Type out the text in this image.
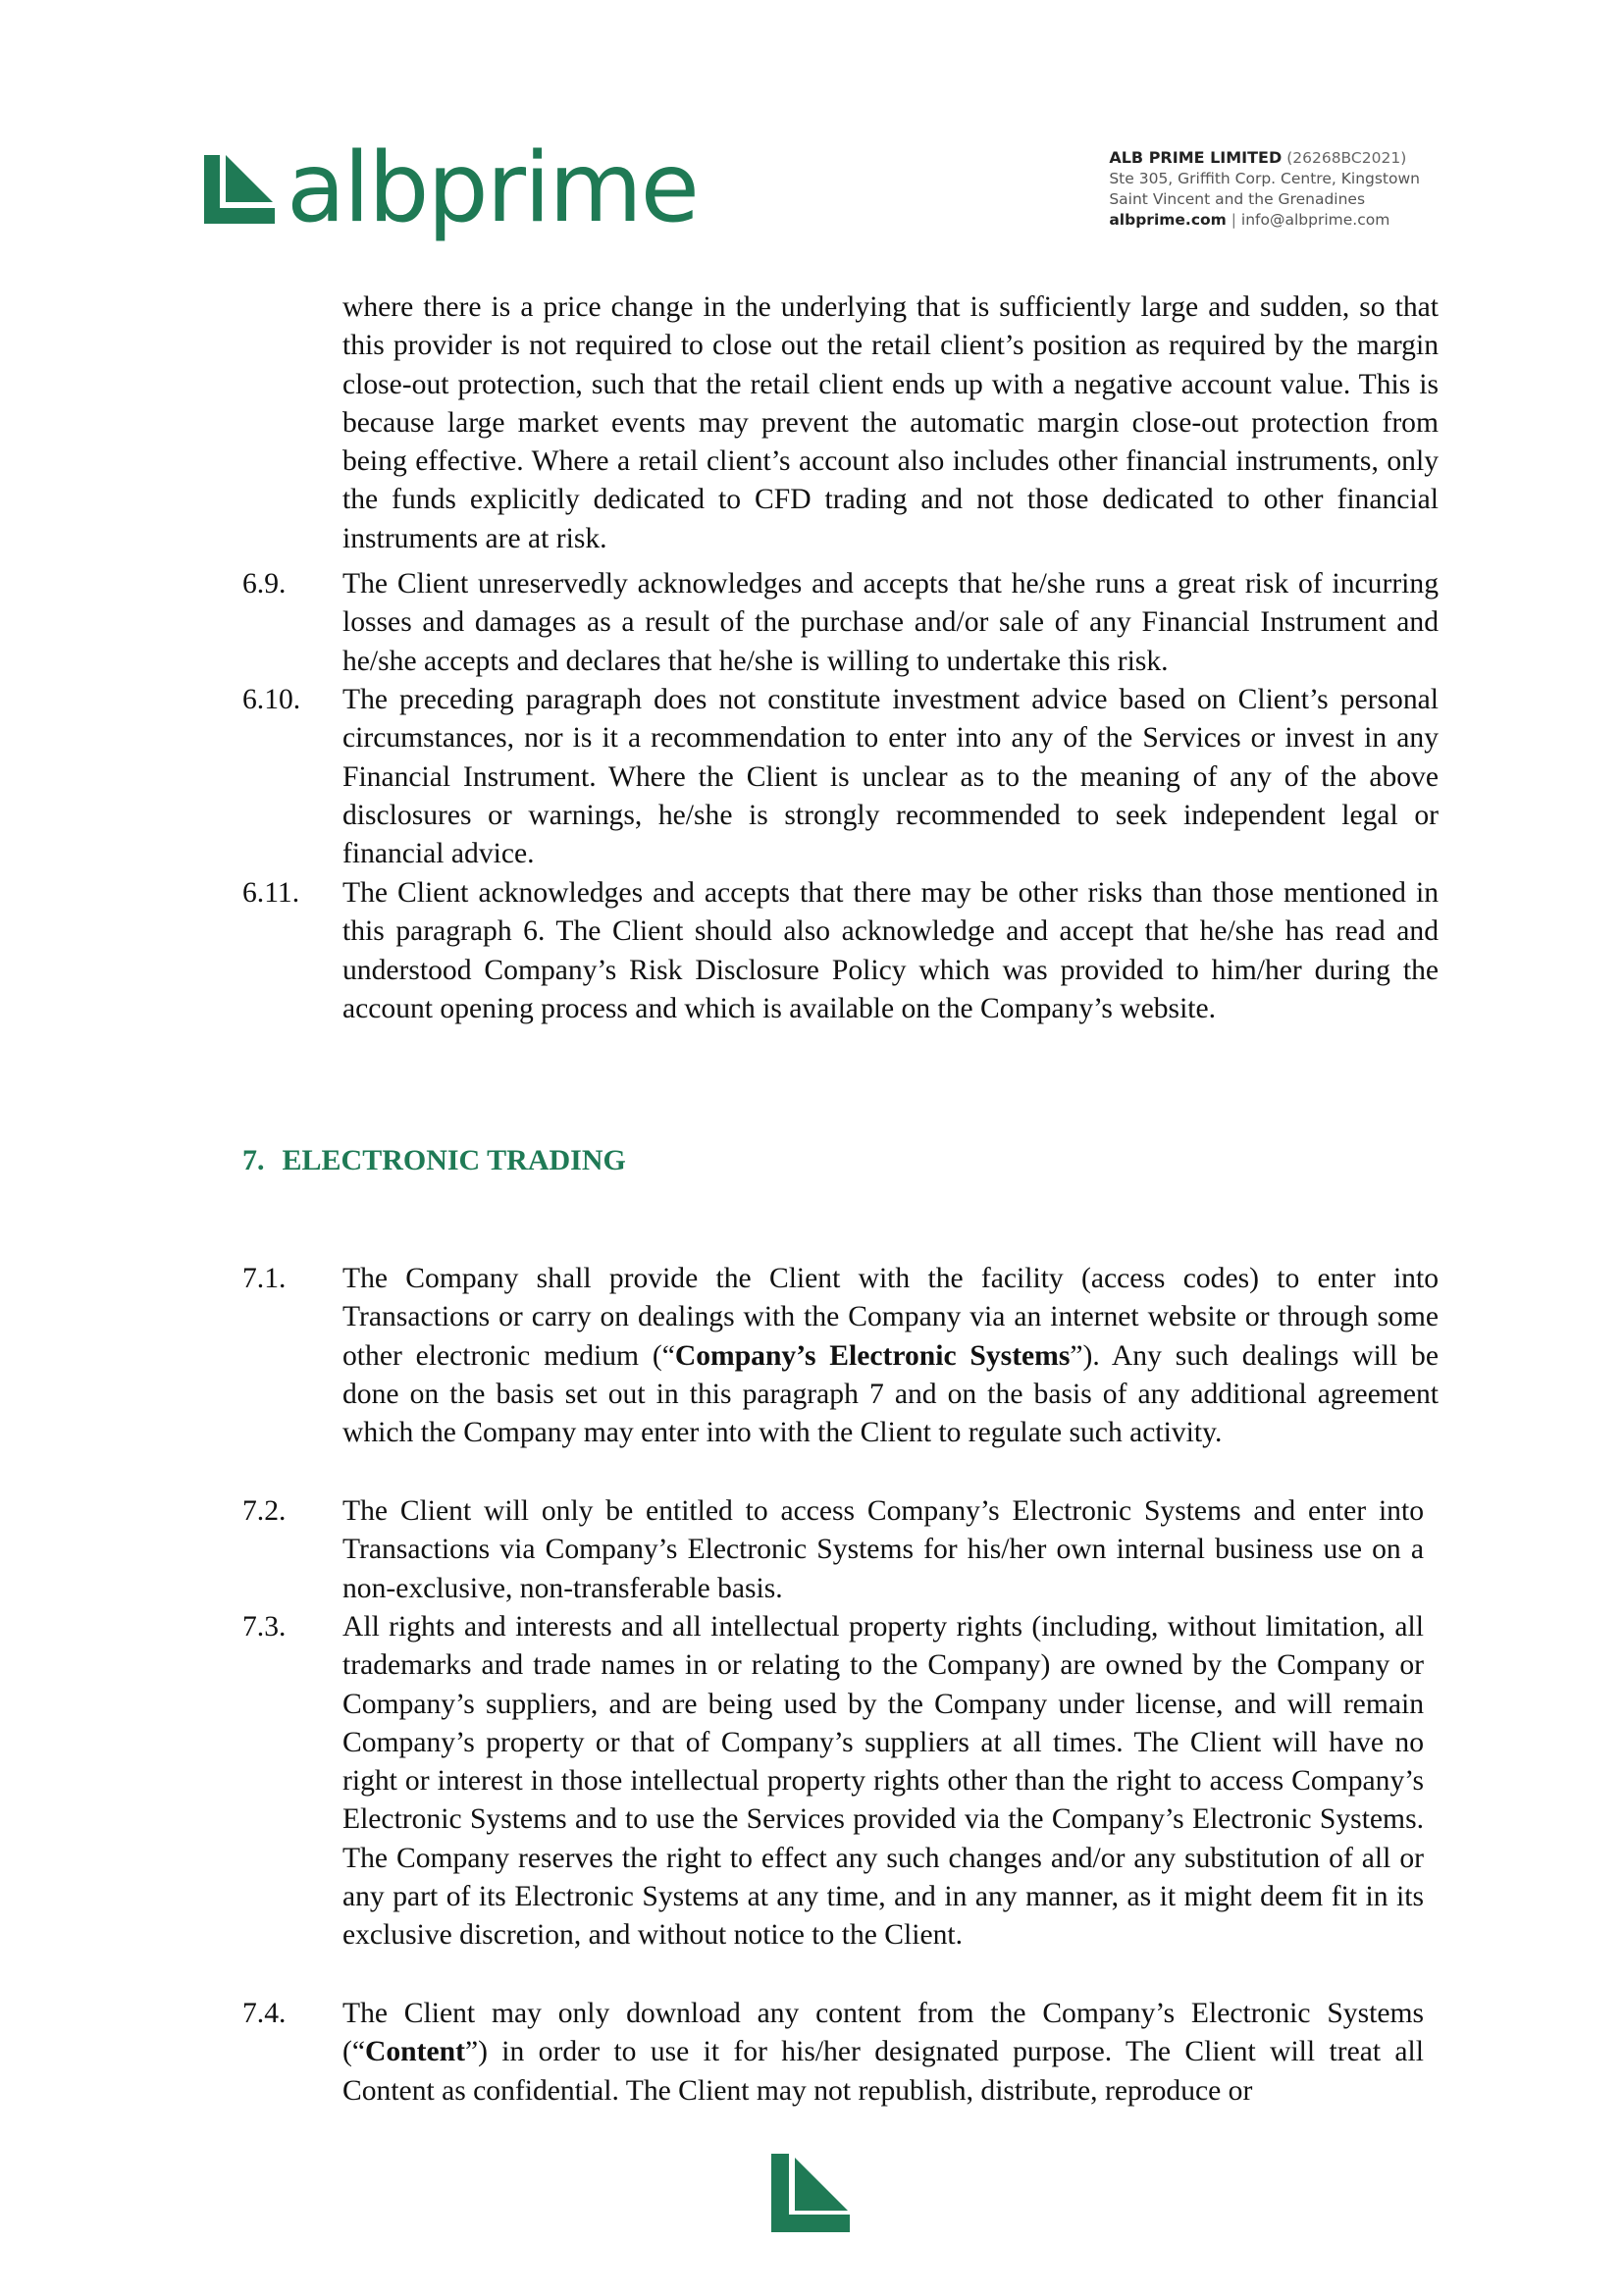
albprime	ALB PRIME LIMITED (26268BC2021)
Ste 305, Griffith Corp. Centre, Kingstown
Saint Vincent and the Grenadines
albprime.com | info@albprime.com
where there is a price change in the underlying that is sufficiently large and sudden, so that this provider is not required to close out the retail client’s position as required by the margin close-out protection, such that the retail client ends up with a negative account value. This is because large market events may prevent the automatic margin close-out protection from being effective. Where a retail client’s account also includes other financial instruments, only the funds explicitly dedicated to CFD trading and not those dedicated to other financial instruments are at risk.
6.9. The Client unreservedly acknowledges and accepts that he/she runs a great risk of incurring losses and damages as a result of the purchase and/or sale of any Financial Instrument and he/she accepts and declares that he/she is willing to undertake this risk.
6.10. The preceding paragraph does not constitute investment advice based on Client’s personal circumstances, nor is it a recommendation to enter into any of the Services or invest in any Financial Instrument. Where the Client is unclear as to the meaning of any of the above disclosures or warnings, he/she is strongly recommended to seek independent legal or financial advice.
6.11. The Client acknowledges and accepts that there may be other risks than those mentioned in this paragraph 6. The Client should also acknowledge and accept that he/she has read and understood Company’s Risk Disclosure Policy which was provided to him/her during the account opening process and which is available on the Company’s website.
7. ELECTRONIC TRADING
7.1. The Company shall provide the Client with the facility (access codes) to enter into Transactions or carry on dealings with the Company via an internet website or through some other electronic medium (“Company’s Electronic Systems”). Any such dealings will be done on the basis set out in this paragraph 7 and on the basis of any additional agreement which the Company may enter into with the Client to regulate such activity.
7.2. The Client will only be entitled to access Company’s Electronic Systems and enter into Transactions via Company’s Electronic Systems for his/her own internal business use on a non-exclusive, non-transferable basis.
7.3. All rights and interests and all intellectual property rights (including, without limitation, all trademarks and trade names in or relating to the Company) are owned by the Company or Company’s suppliers, and are being used by the Company under license, and will remain Company’s property or that of Company’s suppliers at all times. The Client will have no right or interest in those intellectual property rights other than the right to access Company’s Electronic Systems and to use the Services provided via the Company’s Electronic Systems. The Company reserves the right to effect any such changes and/or any substitution of all or any part of its Electronic Systems at any time, and in any manner, as it might deem fit in its exclusive discretion, and without notice to the Client.
7.4. The Client may only download any content from the Company’s Electronic Systems (“Content”) in order to use it for his/her designated purpose. The Client will treat all Content as confidential. The Client may not republish, distribute, reproduce or
